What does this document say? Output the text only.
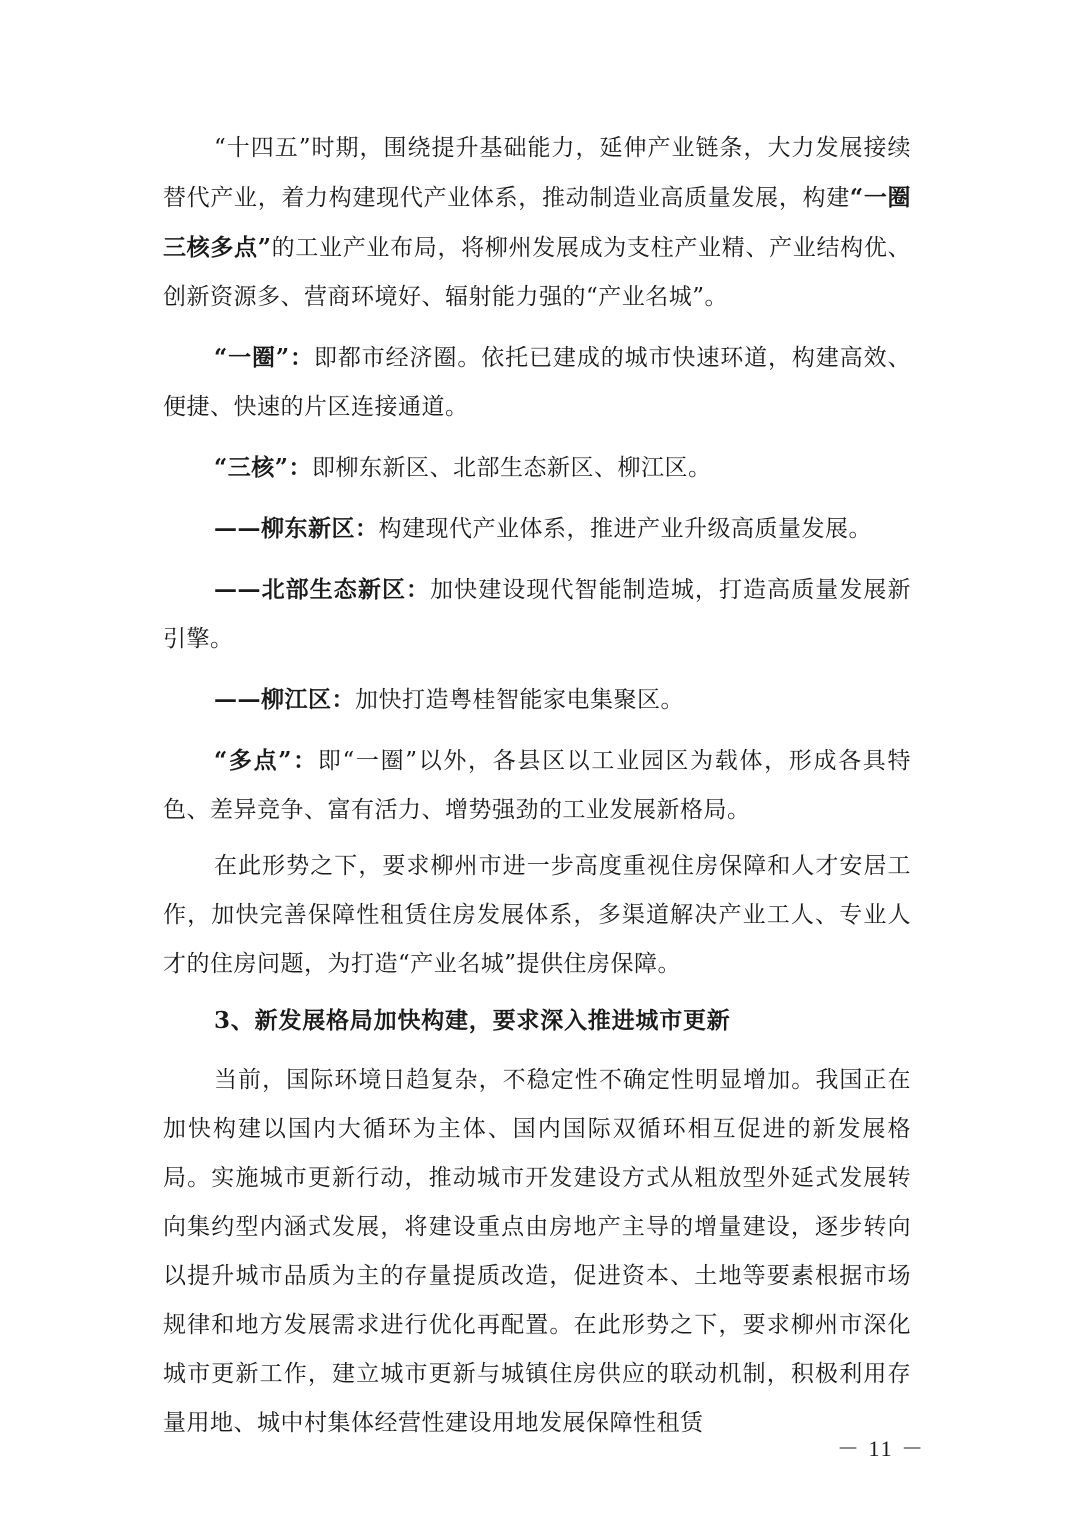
“十四五”时期，围绕提升基础能力，延伸产业链条，大力发展接续替代产业，着力构建现代产业体系，推动制造业高质量发展，构建“一圈三核多点”的工业产业布局，将柳州发展成为支柱产业精、产业结构优、创新资源多、营商环境好、辐射能力强的“产业名城”。

“一圈”：即都市经济圈。依托已建成的城市快速环道，构建高效、便捷、快速的片区连接通道。

“三核”：即柳东新区、北部生态新区、柳江区。

——柳东新区：构建现代产业体系，推进产业升级高质量发展。

——北部生态新区：加快建设现代智能制造城，打造高质量发展新引擎。

——柳江区：加快打造粤桂智能家电集聚区。

“多点”：即“一圈”以外，各县区以工业园区为载体，形成各具特色、差异竞争、富有活力、增势强劲的工业发展新格局。

在此形势之下，要求柳州市进一步高度重视住房保障和人才安居工作，加快完善保障性租赁住房发展体系，多渠道解决产业工人、专业人才的住房问题，为打造“产业名城”提供住房保障。

3、新发展格局加快构建，要求深入推进城市更新

当前，国际环境日趋复杂，不稳定性不确定性明显增加。我国正在加快构建以国内大循环为主体、国内国际双循环相互促进的新发展格局。实施城市更新行动，推动城市开发建设方式从粗放型外延式发展转向集约型内涵式发展，将建设重点由房地产主导的增量建设，逐步转向以提升城市品质为主的存量提质改造，促进资本、土地等要素根据市场规律和地方发展需求进行优化再配置。在此形势之下，要求柳州市深化城市更新工作，建立城市更新与城镇住房供应的联动机制，积极利用存量用地、城中村集体经营性建设用地发展保障性租赁

－ 11 －
